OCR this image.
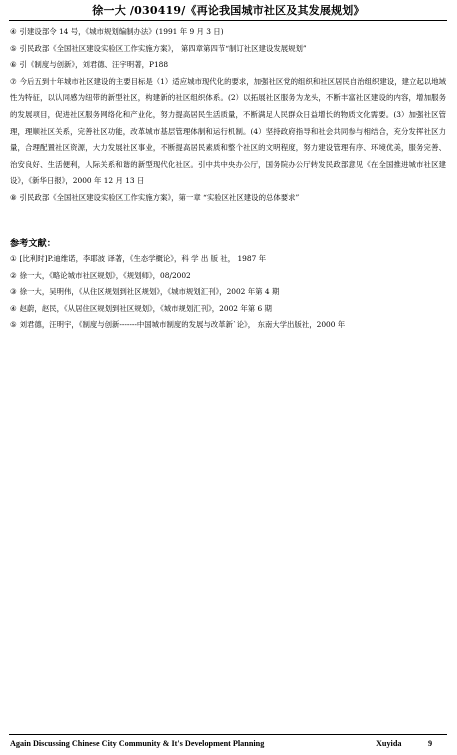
徐一大 /030419/《再论我国城市社区及其发展规划》
④ 引建设部令 14 号，《城市规划编制办法》(1991 年 9 月 3 日)
⑤ 引民政部《全国社区建设实验区工作实施方案》， 第四章第四节“制订社区建设发展规划”
⑥ 引《制度与创新》，刘君德、汪宇明著，P188
⑦ 今后五到十年城市社区建设的主要目标是（1）适应城市现代化的要求，加强社区党的组织和社区居民自治组织建设，建立起以地域性为特征，以认同感为纽带的新型社区，构建新的社区组织体系。(2）以拓展社区服务为龙头，不断丰富社区建设的内容，增加服务的发展项目，促进社区服务网络化和产业化，努力提高居民生活质量，不断满足人民群众日益增长的物质文化需要。(3）加强社区管理，理顺社区关系，完善社区功能，改革城市基层管理体制和运行机制。(4）坚持政府指导和社会共同参与相结合，充分发挥社区力量，合理配置社区资源，大力发展社区事业，不断提高居民素质和整个社区的文明程度，努力建设管理有序、环境优美，服务完善、治安良好、生活便利，人际关系和谐的新型现代化社区。引中共中央办公厅，国务院办公厅转发民政部意见《在全国推进城市社区建设》，《新华日报》，2000 年 12 月 13 日
⑧ 引民政部《全国社区建设实验区工作实施方案》，第一章 “实验区社区建设的总体要求”
参考文献：
① [比利时]P.迪维诺，李耶波 译著，《生态学概论》，科 学 出 版 社， 1987 年
② 徐一大，《略论城市社区规划》，《规划师》，08/2002
③ 徐一大，吴明伟，《从住区规划到社区规划》，《城市规划汇刊》，2002 年第 4 期
④ 赵蔚，赵民，《从居住区规划到社区规划》，《城市规划汇刊》，2002 年第 6 期
⑤ 刘君德，汪明宇，《制度与创新-------中国城市制度的发展与改革新`论》， 东南大学出版社，2000 年
Again Discussing Chinese City Community & It's Development Planning	Xuyida	9
